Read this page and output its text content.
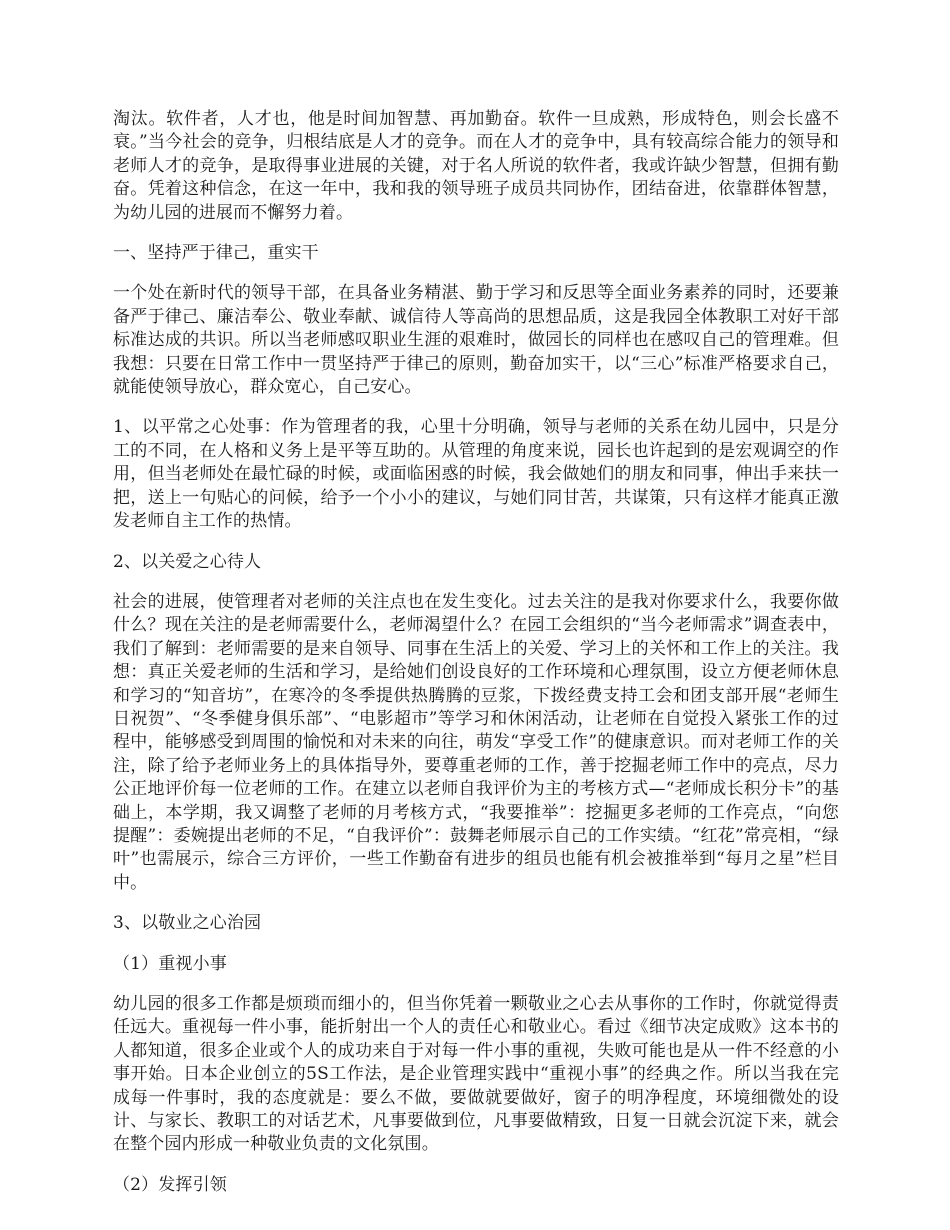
淘汰。软件者，人才也，他是时间加智慧、再加勤奋。软件一旦成熟，形成特色，则会长盛不衰。”当今社会的竞争，归根结底是人才的竞争。而在人才的竞争中，具有较高综合能力的领导和老师人才的竞争，是取得事业进展的关键，对于名人所说的软件者，我或许缺少智慧，但拥有勤奋。凭着这种信念，在这一年中，我和我的领导班子成员共同协作，团结奋进，依靠群体智慧，为幼儿园的进展而不懈努力着。

一、坚持严于律己，重实干

一个处在新时代的领导干部，在具备业务精湛、勤于学习和反思等全面业务素养的同时，还要兼备严于律己、廉洁奉公、敬业奉献、诚信待人等高尚的思想品质，这是我园全体教职工对好干部标准达成的共识。所以当老师感叹职业生涯的艰难时，做园长的同样也在感叹自己的管理难。但我想：只要在日常工作中一贯坚持严于律己的原则，勤奋加实干，以“三心”标准严格要求自己，就能使领导放心，群众宽心，自己安心。

1、以平常之心处事：作为管理者的我，心里十分明确，领导与老师的关系在幼儿园中，只是分工的不同，在人格和义务上是平等互助的。从管理的角度来说，园长也许起到的是宏观调空的作用，但当老师处在最忙碌的时候，或面临困惑的时候，我会做她们的朋友和同事，伸出手来扶一把，送上一句贴心的问候，给予一个小小的建议，与她们同甘苦，共谋策，只有这样才能真正激发老师自主工作的热情。

2、以关爱之心待人

社会的进展，使管理者对老师的关注点也在发生变化。过去关注的是我对你要求什么，我要你做什么？现在关注的是老师需要什么，老师渴望什么？在园工会组织的“当今老师需求”调查表中，我们了解到：老师需要的是来自领导、同事在生活上的关爱、学习上的关怀和工作上的关注。我想：真正关爱老师的生活和学习，是给她们创设良好的工作环境和心理氛围，设立方便老师休息和学习的“知音坊”，在寒冷的冬季提供热腾腾的豆浆，下拨经费支持工会和团支部开展“老师生日祝贺”、“冬季健身俱乐部”、“电影超市”等学习和休闲活动，让老师在自觉投入紧张工作的过程中，能够感受到周围的愉悦和对未来的向往，萌发“享受工作”的健康意识。而对老师工作的关注，除了给予老师业务上的具体指导外，要尊重老师的工作，善于挖掘老师工作中的亮点，尽力公正地评价每一位老师的工作。在建立以老师自我评价为主的考核方式—“老师成长积分卡”的基础上，本学期，我又调整了老师的月考核方式，“我要推举”：挖掘更多老师的工作亮点，“向您提醒”：委婉提出老师的不足，“自我评价”：鼓舞老师展示自己的工作实绩。“红花”常亮相，“绿叶”也需展示，综合三方评价，一些工作勤奋有进步的组员也能有机会被推举到“每月之星”栏目中。

3、以敬业之心治园

（1）重视小事

幼儿园的很多工作都是烦琐而细小的，但当你凭着一颗敬业之心去从事你的工作时，你就觉得责任远大。重视每一件小事，能折射出一个人的责任心和敬业心。看过《细节决定成败》这本书的人都知道，很多企业或个人的成功来自于对每一件小事的重视，失败可能也是从一件不经意的小事开始。日本企业创立的5S工作法，是企业管理实践中“重视小事”的经典之作。所以当我在完成每一件事时，我的态度就是：要么不做，要做就要做好，窗子的明净程度，环境细微处的设计、与家长、教职工的对话艺术，凡事要做到位，凡事要做精致，日复一日就会沉淀下来，就会在整个园内形成一种敬业负责的文化氛围。

（2）发挥引领
